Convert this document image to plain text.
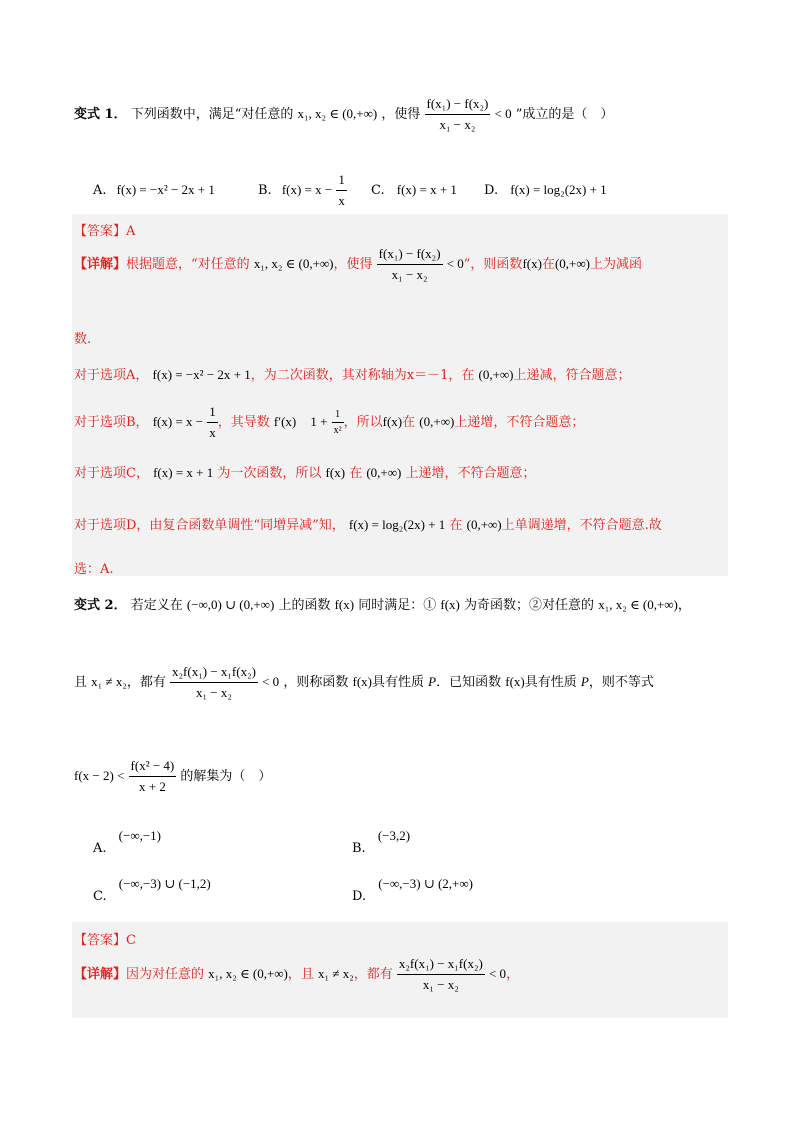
变式 1． 下列函数中，满足“对任意的 x₁, x₂ ∈ (0,+∞) ，使得 $\frac{\text{f(x₁) − f(x₂)}}{\text{x₁ − x₂}} < 0$ ”成立的是（　）
A. f(x) = −x² − 2x + 1	B. $f(x) = x - \frac{1}{x} C$. f(x) = x + 1 D. f(x) = log₂(2x) + 1
【答案】A
【详解】根据题意，“对任意的 x₁, x₂ ∈ (0,+∞)，使得 $\frac{\text{f(x₁) − f(x₂)}}{\text{x₁ − x₂}} < 0$”，则函数f(x)在(0,+∞)上为减函
数.
对于选项A， f(x) = −x² − 2x + 1，为二次函数，其对称轴为x＝－1，在 (0,+∞)上递减，符合题意；
对于选项B， $f(x) = x - \frac{1}{x}$ ，其导数 f′(x) $1 + \frac{1}{\text{x²}}$ ，所以f(x)在 (0,+∞)上递增，不符合题意；
对于选项C， f(x) = x + 1 为一次函数，所以 f(x) 在 (0,+∞) 上递增，不符合题意；
对于选项D，由复合函数单调性“同增异减”知， f(x) = log₂(2x) + 1 在 (0,+∞)上单调递增，不符合题意.故
选：A.
变式 2． 若定义在 (−∞,0) ∪ (0,+∞) 上的函数 f(x) 同时满足：① f(x) 为奇函数；②对任意的 x₁, x₂ ∈ (0,+∞)，
且 x₁ ≠ x₂，都有 $\frac{\text{x₂f(x₁) − x₁f(x₂)}}{\text{x₁ − x₂}} < 0$ ，则称函数 f(x)具有性质 P．已知函数 f(x)具有性质 P，则不等式
$f(x - 2) < \frac{\text{f(x² − 4)}}{x + 2}$ 的解集为（　）
A. (−∞,−1)
B. (−3,2)
C. (−∞,−3) ∪ (−1,2)
D. (−∞,−3) ∪ (2,+∞)
【答案】C
【详解】因为对任意的 x₁, x₂ ∈ (0,+∞)，且 x₁ ≠ x₂，都有 $\frac{\text{x₂f(x₁) − x₁f(x₂)}}{\text{x₁ − x₂}} < 0$，
